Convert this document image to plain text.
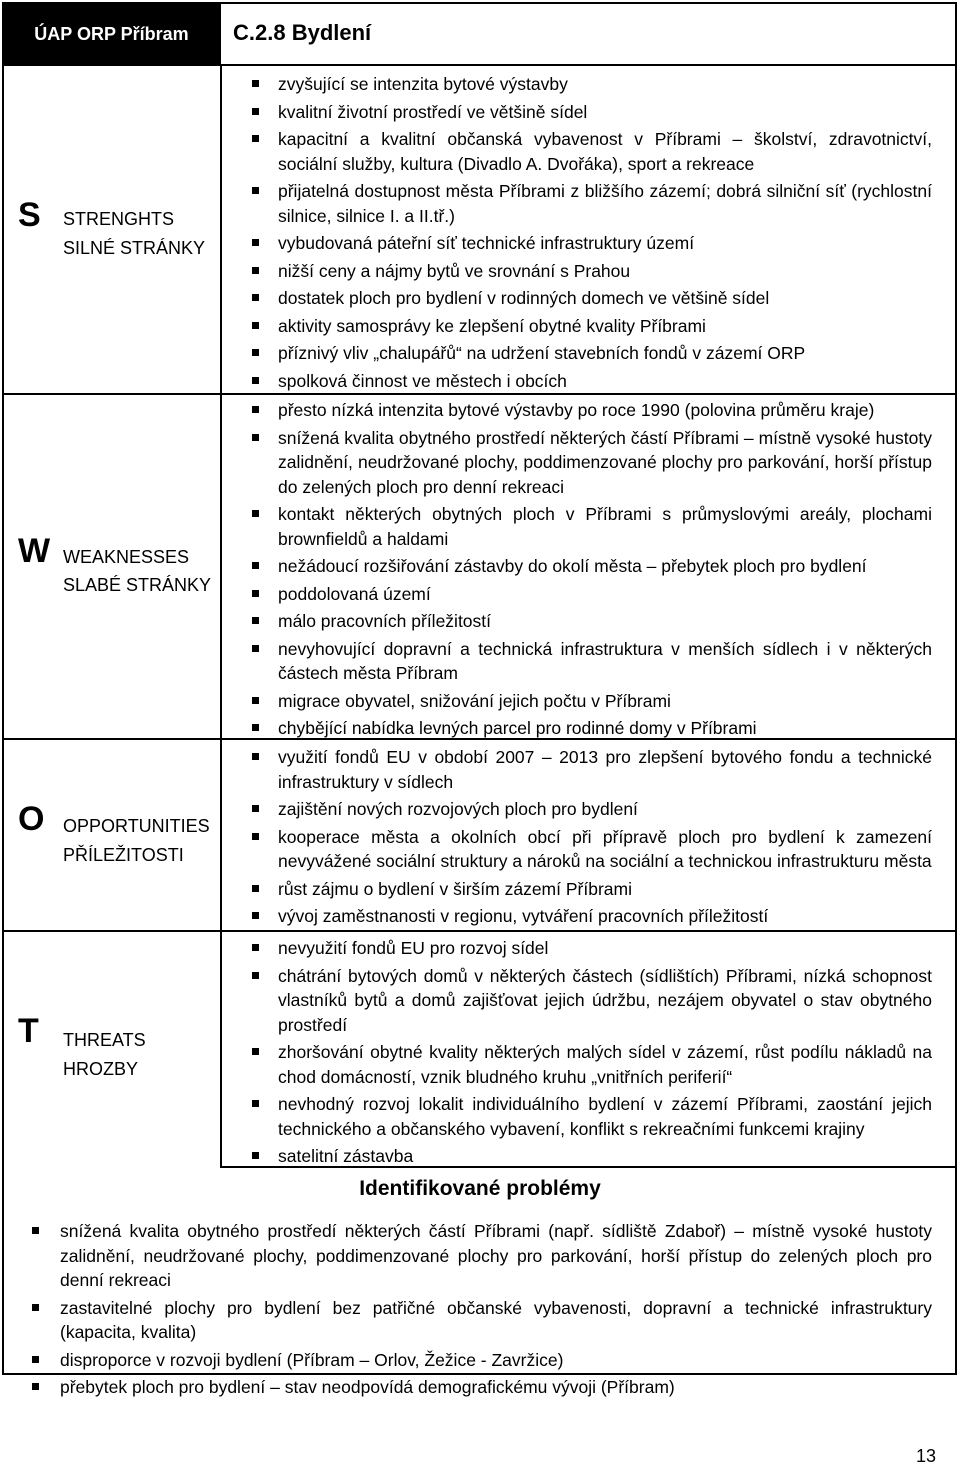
ÚAP ORP Příbram	C.2.8 Bydlení
S STRENGHTS
SILNÉ STRÁNKY
zvyšující se intenzita bytové výstavby
kvalitní životní prostředí ve většině sídel
kapacitní a kvalitní občanská vybavenost v Příbrami – školství, zdravotnictví, sociální služby, kultura (Divadlo A. Dvořáka), sport a rekreace
přijatelná dostupnost města Příbrami z bližšího zázemí; dobrá silniční síť (rychlostní silnice, silnice I. a II.tř.)
vybudovaná páteřní síť technické infrastruktury území
nižší ceny a nájmy bytů ve srovnání s Prahou
dostatek ploch pro bydlení v rodinných domech ve většině sídel
aktivity samosprávy ke zlepšení obytné kvality Příbrami
příznivý vliv „chalupářů“ na udržení stavebních fondů v zázemí ORP
spolková činnost ve městech i obcích
W WEAKNESSES
SLABÉ STRÁNKY
přesto nízká intenzita bytové výstavby po roce 1990 (polovina průměru kraje)
snížená kvalita obytného prostředí některých částí Příbrami – místně vysoké hustoty zalidnění, neudržované plochy, poddimenzované plochy pro parkování, horší přístup do zelených ploch pro denní rekreaci
kontakt některých obytných ploch v Příbrami s průmyslovými areály, plochami brownfieldů a haldami
nežádoucí rozšiřování zástavby do okolí města – přebytek ploch pro bydlení
poddolovaná území
málo pracovních příležitostí
nevyhovující dopravní a technická infrastruktura v menších sídlech i v některých částech města Příbram
migrace obyvatel, snižování jejich počtu v Příbrami
chybějící nabídka levných parcel pro rodinné domy v Příbrami
O OPPORTUNITIES
PŘÍLEŽITOSTI
využití fondů EU v období 2007 – 2013 pro zlepšení bytového fondu a technické infrastruktury v sídlech
zajištění nových rozvojových ploch pro bydlení
kooperace města a okolních obcí při přípravě ploch pro bydlení k zamezení nevyvážené sociální struktury a nároků na sociální a technickou infrastrukturu města
růst zájmu o bydlení v širším zázemí Příbrami
vývoj zaměstnanosti v regionu, vytváření pracovních příležitostí
T THREATS
HROZBY
nevyužití fondů EU pro rozvoj sídel
chátrání bytových domů v některých částech (sídlištích) Příbrami, nízká schopnost vlastníků bytů a domů zajišťovat jejich údržbu, nezájem obyvatel o stav obytného prostředí
zhoršování obytné kvality některých malých sídel v zázemí, růst podílu nákladů na chod domácností, vznik bludného kruhu „vnitřních periferií“
nevhodný rozvoj lokalit individuálního bydlení v zázemí Příbrami, zaostání jejich technického a občanského vybavení, konflikt s rekreačními funkcemi krajiny
satelitní zástavba
Identifikované problémy
snížená kvalita obytného prostředí některých částí Příbrami (např. sídliště Zdaboř) – místně vysoké hustoty zalidnění, neudržované plochy, poddimenzované plochy pro parkování, horší přístup do zelených ploch pro denní rekreaci
zastavitelné plochy pro bydlení bez patřičné občanské vybavenosti, dopravní a technické infrastruktury (kapacita, kvalita)
disproporce v rozvoji bydlení (Příbram – Orlov, Žežice - Zavržice)
přebytek ploch pro bydlení – stav neodpovídá demografickému vývoji (Příbram)
13
